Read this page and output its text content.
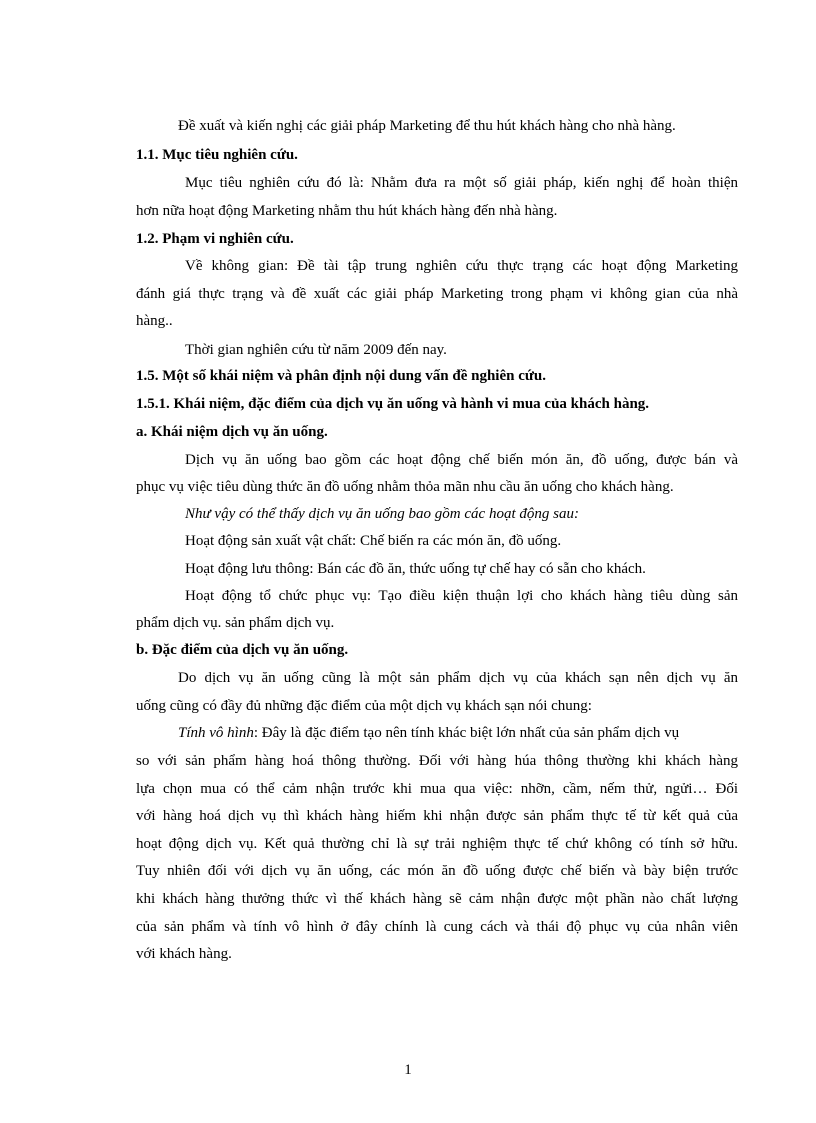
Đề xuất và kiến nghị các giải pháp Marketing để thu hút khách hàng cho nhà hàng.
1.1. Mục tiêu nghiên cứu.
Mục tiêu nghiên cứu đó là: Nhằm đưa ra một số giải pháp, kiến nghị để hoàn thiện
hơn nữa hoạt động Marketing nhằm thu hút khách hàng đến nhà hàng.
1.2. Phạm vi nghiên cứu.
Về không gian: Đề tài tập trung nghiên cứu thực trạng các hoạt động Marketing
đánh giá thực trạng và đề xuất các giải pháp Marketing trong phạm vi không gian của nhà
hàng..
Thời gian nghiên cứu từ năm 2009 đến nay.
1.5. Một số khái niệm và phân định nội dung vấn đề nghiên cứu.
1.5.1. Khái niệm, đặc điểm của dịch vụ ăn uống và hành vi mua của khách hàng.
a. Khái niệm dịch vụ ăn uống.
Dịch vụ ăn uống bao gồm các hoạt động chế biến món ăn, đồ uống, được bán và
phục vụ việc tiêu dùng thức ăn đồ uống nhằm thỏa mãn nhu cầu ăn uống cho khách hàng.
Như vậy có thể thấy dịch vụ ăn uống bao gồm các hoạt động sau:
Hoạt động sản xuất vật chất: Chế biến ra các món ăn, đồ uống.
Hoạt động lưu thông: Bán các đồ ăn, thức uống tự chế hay có sẵn cho khách.
Hoạt động tổ chức phục vụ: Tạo điều kiện thuận lợi cho khách hàng tiêu dùng sản
phẩm dịch vụ. sản phẩm dịch vụ.
b. Đặc điểm của dịch vụ ăn uống.
Do dịch vụ ăn uống cũng là một sản phẩm dịch vụ của khách sạn nên dịch vụ ăn
uống cũng có đầy đủ những đặc điểm của một dịch vụ khách sạn nói chung:
Tính vô hình: Đây là đặc điểm tạo nên tính khác biệt lớn nhất của sản phẩm dịch vụ
so với sản phẩm hàng hoá thông thường. Đối với hàng húa thông thường khi khách hàng
lựa chọn mua có thể cảm nhận trước khi mua qua việc: nhỡn, cầm, nếm thử, ngửi… Đối
với hàng hoá dịch vụ thì khách hàng hiếm khi nhận được sản phẩm thực tế từ kết quả của
hoạt động dịch vụ. Kết quả thường chỉ là sự trải nghiệm thực tế chứ không có tính sở hữu.
Tuy nhiên đối với dịch vụ ăn uống, các món ăn đồ uống được chế biến và bày biện trước
khi khách hàng thưởng thức vì thế khách hàng sẽ cảm nhận được một phần nào chất lượng
của sản phẩm và tính vô hình ở đây chính là cung cách và thái độ phục vụ của nhân viên
với khách hàng.
1
